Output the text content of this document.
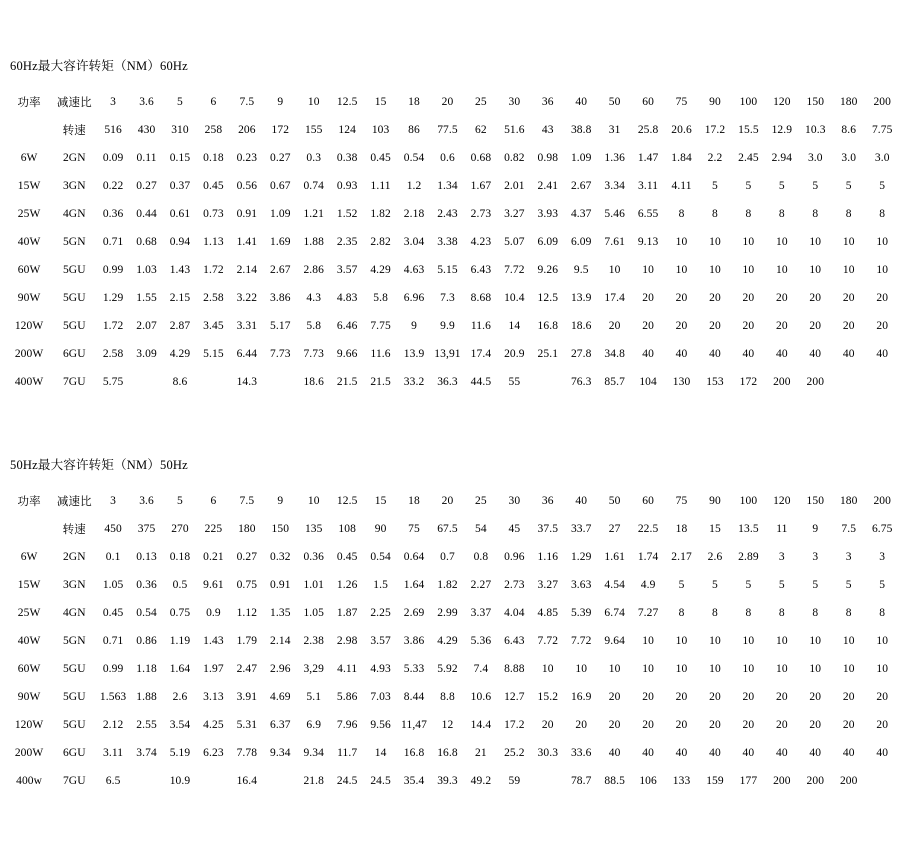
60Hz最大容许转矩（NM）60Hz
功率	减速比	3	3.6	5	6	7.5	9	10	12.5	15	18	20	25	30	36	40	50	60	75	90	100	120	150	180	200
	转速	516	430	310	258	206	172	155	124	103	86	77.5	62	51.6	43	38.8	31	25.8	20.6	17.2	15.5	12.9	10.3	8.6	7.75
6W	2GN	0.09	0.11	0.15	0.18	0.23	0.27	0.3	0.38	0.45	0.54	0.6	0.68	0.82	0.98	1.09	1.36	1.47	1.84	2.2	2.45	2.94	3.0	3.0	3.0
15W	3GN	0.22	0.27	0.37	0.45	0.56	0.67	0.74	0.93	1.11	1.2	1.34	1.67	2.01	2.41	2.67	3.34	3.11	4.11	5	5	5	5	5	5
25W	4GN	0.36	0.44	0.61	0.73	0.91	1.09	1.21	1.52	1.82	2.18	2.43	2.73	3.27	3.93	4.37	5.46	6.55	8	8	8	8	8	8	8
40W	5GN	0.71	0.68	0.94	1.13	1.41	1.69	1.88	2.35	2.82	3.04	3.38	4.23	5.07	6.09	6.09	7.61	9.13	10	10	10	10	10	10	10
60W	5GU	0.99	1.03	1.43	1.72	2.14	2.67	2.86	3.57	4.29	4.63	5.15	6.43	7.72	9.26	9.5	10	10	10	10	10	10	10	10	10
90W	5GU	1.29	1.55	2.15	2.58	3.22	3.86	4.3	4.83	5.8	6.96	7.3	8.68	10.4	12.5	13.9	17.4	20	20	20	20	20	20	20	20
120W	5GU	1.72	2.07	2.87	3.45	3.31	5.17	5.8	6.46	7.75	9	9.9	11.6	14	16.8	18.6	20	20	20	20	20	20	20	20	20
200W	6GU	2.58	3.09	4.29	5.15	6.44	7.73	7.73	9.66	11.6	13.9	13,91	17.4	20.9	25.1	27.8	34.8	40	40	40	40	40	40	40	40
400W	7GU	5.75		8.6		14.3		18.6	21.5	21.5	33.2	36.3	44.5	55		76.3	85.7	104	130	153	172	200	200		
50Hz最大容许转矩（NM）50Hz
功率	减速比	3	3.6	5	6	7.5	9	10	12.5	15	18	20	25	30	36	40	50	60	75	90	100	120	150	180	200
	转速	450	375	270	225	180	150	135	108	90	75	67.5	54	45	37.5	33.7	27	22.5	18	15	13.5	11	9	7.5	6.75
6W	2GN	0.1	0.13	0.18	0.21	0.27	0.32	0.36	0.45	0.54	0.64	0.7	0.8	0.96	1.16	1.29	1.61	1.74	2.17	2.6	2.89	3	3	3	3
15W	3GN	1.05	0.36	0.5	9.61	0.75	0.91	1.01	1.26	1.5	1.64	1.82	2.27	2.73	3.27	3.63	4.54	4.9	5	5	5	5	5	5	5
25W	4GN	0.45	0.54	0.75	0.9	1.12	1.35	1.05	1.87	2.25	2.69	2.99	3.37	4.04	4.85	5.39	6.74	7.27	8	8	8	8	8	8	8
40W	5GN	0.71	0.86	1.19	1.43	1.79	2.14	2.38	2.98	3.57	3.86	4.29	5.36	6.43	7.72	7.72	9.64	10	10	10	10	10	10	10	10
60W	5GU	0.99	1.18	1.64	1.97	2.47	2.96	3,29	4.11	4.93	5.33	5.92	7.4	8.88	10	10	10	10	10	10	10	10	10	10	10
90W	5GU	1.563	1.88	2.6	3.13	3.91	4.69	5.1	5.86	7.03	8.44	8.8	10.6	12.7	15.2	16.9	20	20	20	20	20	20	20	20	20
120W	5GU	2.12	2.55	3.54	4.25	5.31	6.37	6.9	7.96	9.56	11,47	12	14.4	17.2	20	20	20	20	20	20	20	20	20	20	20
200W	6GU	3.11	3.74	5.19	6.23	7.78	9.34	9.34	11.7	14	16.8	16.8	21	25.2	30.3	33.6	40	40	40	40	40	40	40	40	40
400w	7GU	6.5		10.9		16.4		21.8	24.5	24.5	35.4	39.3	49.2	59		78.7	88.5	106	133	159	177	200	200	200	
